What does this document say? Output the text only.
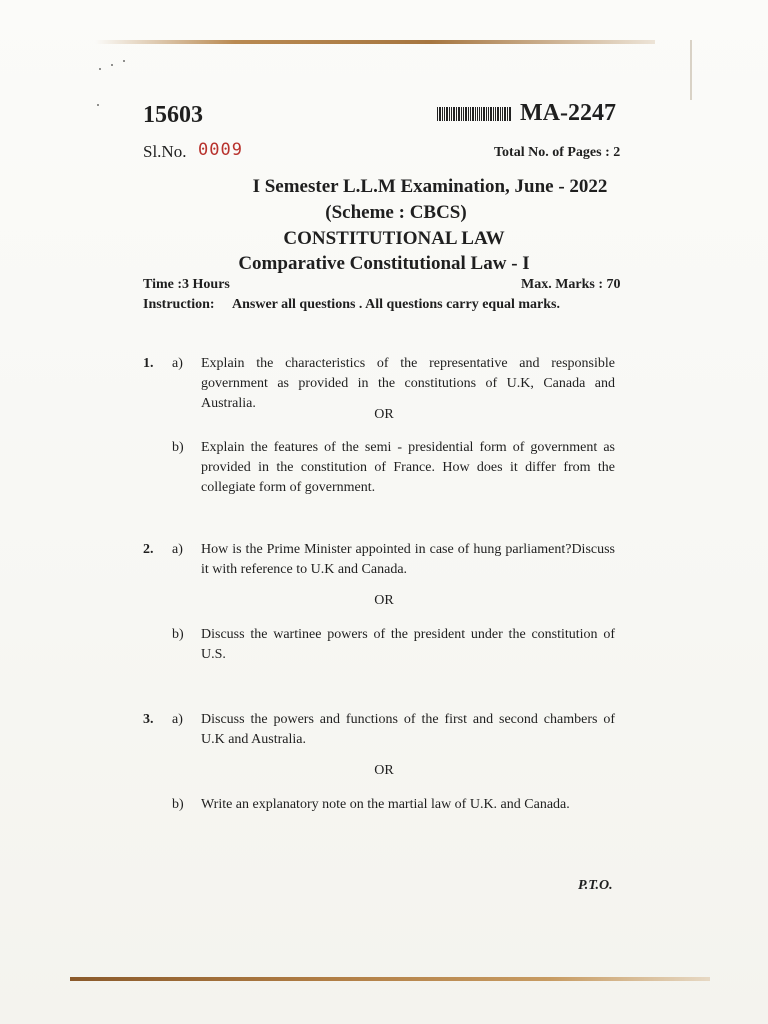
15603	MA-2247
Sl.No. 0009	Total No. of Pages : 2
I Semester L.L.M Examination, June - 2022
(Scheme : CBCS)
CONSTITUTIONAL LAW
Comparative Constitutional Law - I
Time :3 Hours	Max. Marks : 70
Instruction: Answer all questions . All questions carry equal marks.
1. a) Explain the characteristics of the representative and responsible government as provided in the constitutions of U.K, Canada and Australia.
OR
b) Explain the features of the semi - presidential form of government as provided in the constitution of France. How does it differ from the collegiate form of government.
2. a) How is the Prime Minister appointed in case of hung parliament?Discuss it with reference to U.K and Canada.
OR
b) Discuss the wartinee powers of the president under the constitution of U.S.
3. a) Discuss the powers and functions of the first and second chambers of U.K and Australia.
OR
b) Write an explanatory note on the martial law of U.K. and Canada.
P.T.O.
